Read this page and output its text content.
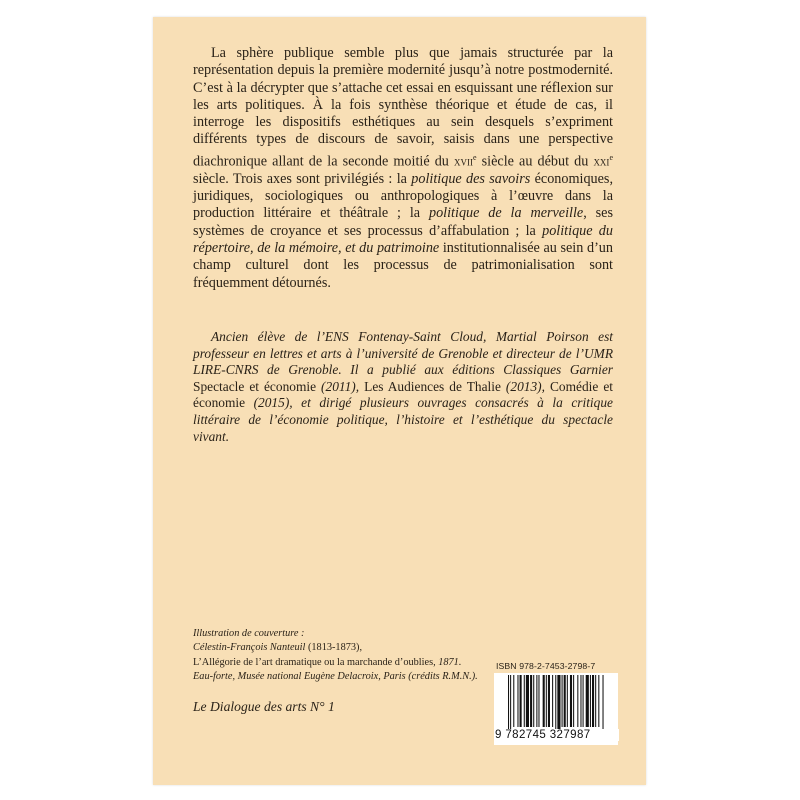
La sphère publique semble plus que jamais structurée par la représentation depuis la première modernité jusqu’à notre postmodernité. C’est à la décrypter que s’attache cet essai en esquissant une réflexion sur les arts politiques. À la fois synthèse théorique et étude de cas, il interroge les dispositifs esthétiques au sein desquels s’expriment différents types de discours de savoir, saisis dans une perspective diachronique allant de la seconde moitié du xvii$^e$ siècle au début du xxi$^e$ siècle. Trois axes sont privilégiés : la politique des savoirs économiques, juridiques, sociologiques ou anthropologiques à l’œuvre dans la production littéraire et théâtrale ; la politique de la merveille, ses systèmes de croyance et ses processus d’affabulation ; la politique du répertoire, de la mémoire, et du patrimoine institutionnalisée au sein d’un champ culturel dont les processus de patrimonialisation sont fréquemment détournés.

Ancien élève de l’ENS Fontenay-Saint Cloud, Martial Poirson est professeur en lettres et arts à l’université de Grenoble et directeur de l’UMR LIRE-CNRS de Grenoble. Il a publié aux éditions Classiques Garnier Spectacle et économie (2011), Les Audiences de Thalie (2013), Comédie et économie (2015), et dirigé plusieurs ouvrages consacrés à la critique littéraire de l’économie politique, l’histoire et l’esthétique du spectacle vivant.

Illustration de couverture :
Célestin-François Nanteuil (1813-1873),
L’Allégorie de l’art dramatique ou la marchande d’oublies, 1871.
Eau-forte, Musée national Eugène Delacroix, Paris (crédits R.M.N.).
Le Dialogue des arts N° 1
ISBN 978-2-7453-2798-7
9 782745 327987
